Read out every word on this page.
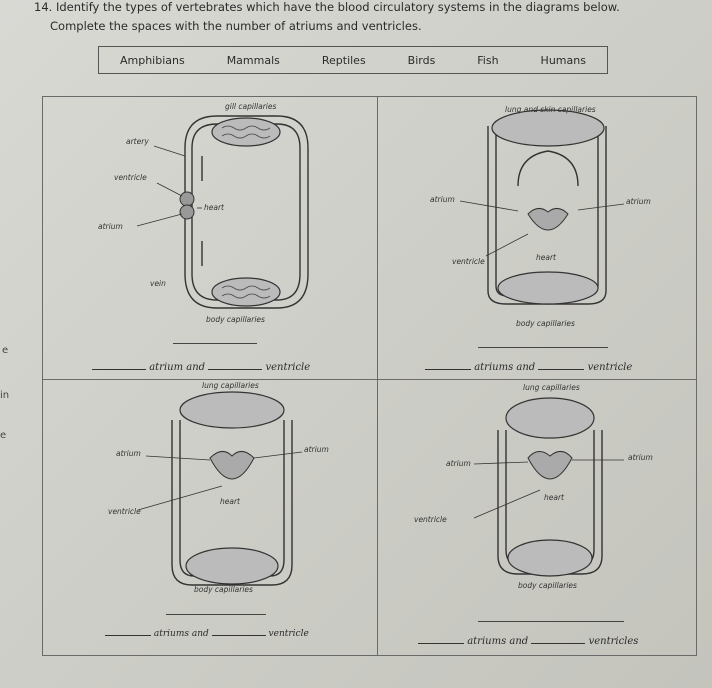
14. Identify the types of vertebrates which have the blood circulatory systems in the diagrams below.
Complete the spaces with the number of atriums and ventricles.
Amphibians	Mammals	Reptiles	Birds	Fish	Humans
e
in
e
gill capillaries
artery
ventricle
heart
atrium
vein
body capillaries
lung and skin capillaries
atrium	atrium
heart
ventricle
body capillaries
lung capillaries
atrium	atrium
heart
ventricle
body capillaries
lung capillaries
atrium
atrium
heart
ventricle
body capillaries
atrium and	ventricle	atriums and	ventricle
atriums and	ventricle
atriums and	ventricles
